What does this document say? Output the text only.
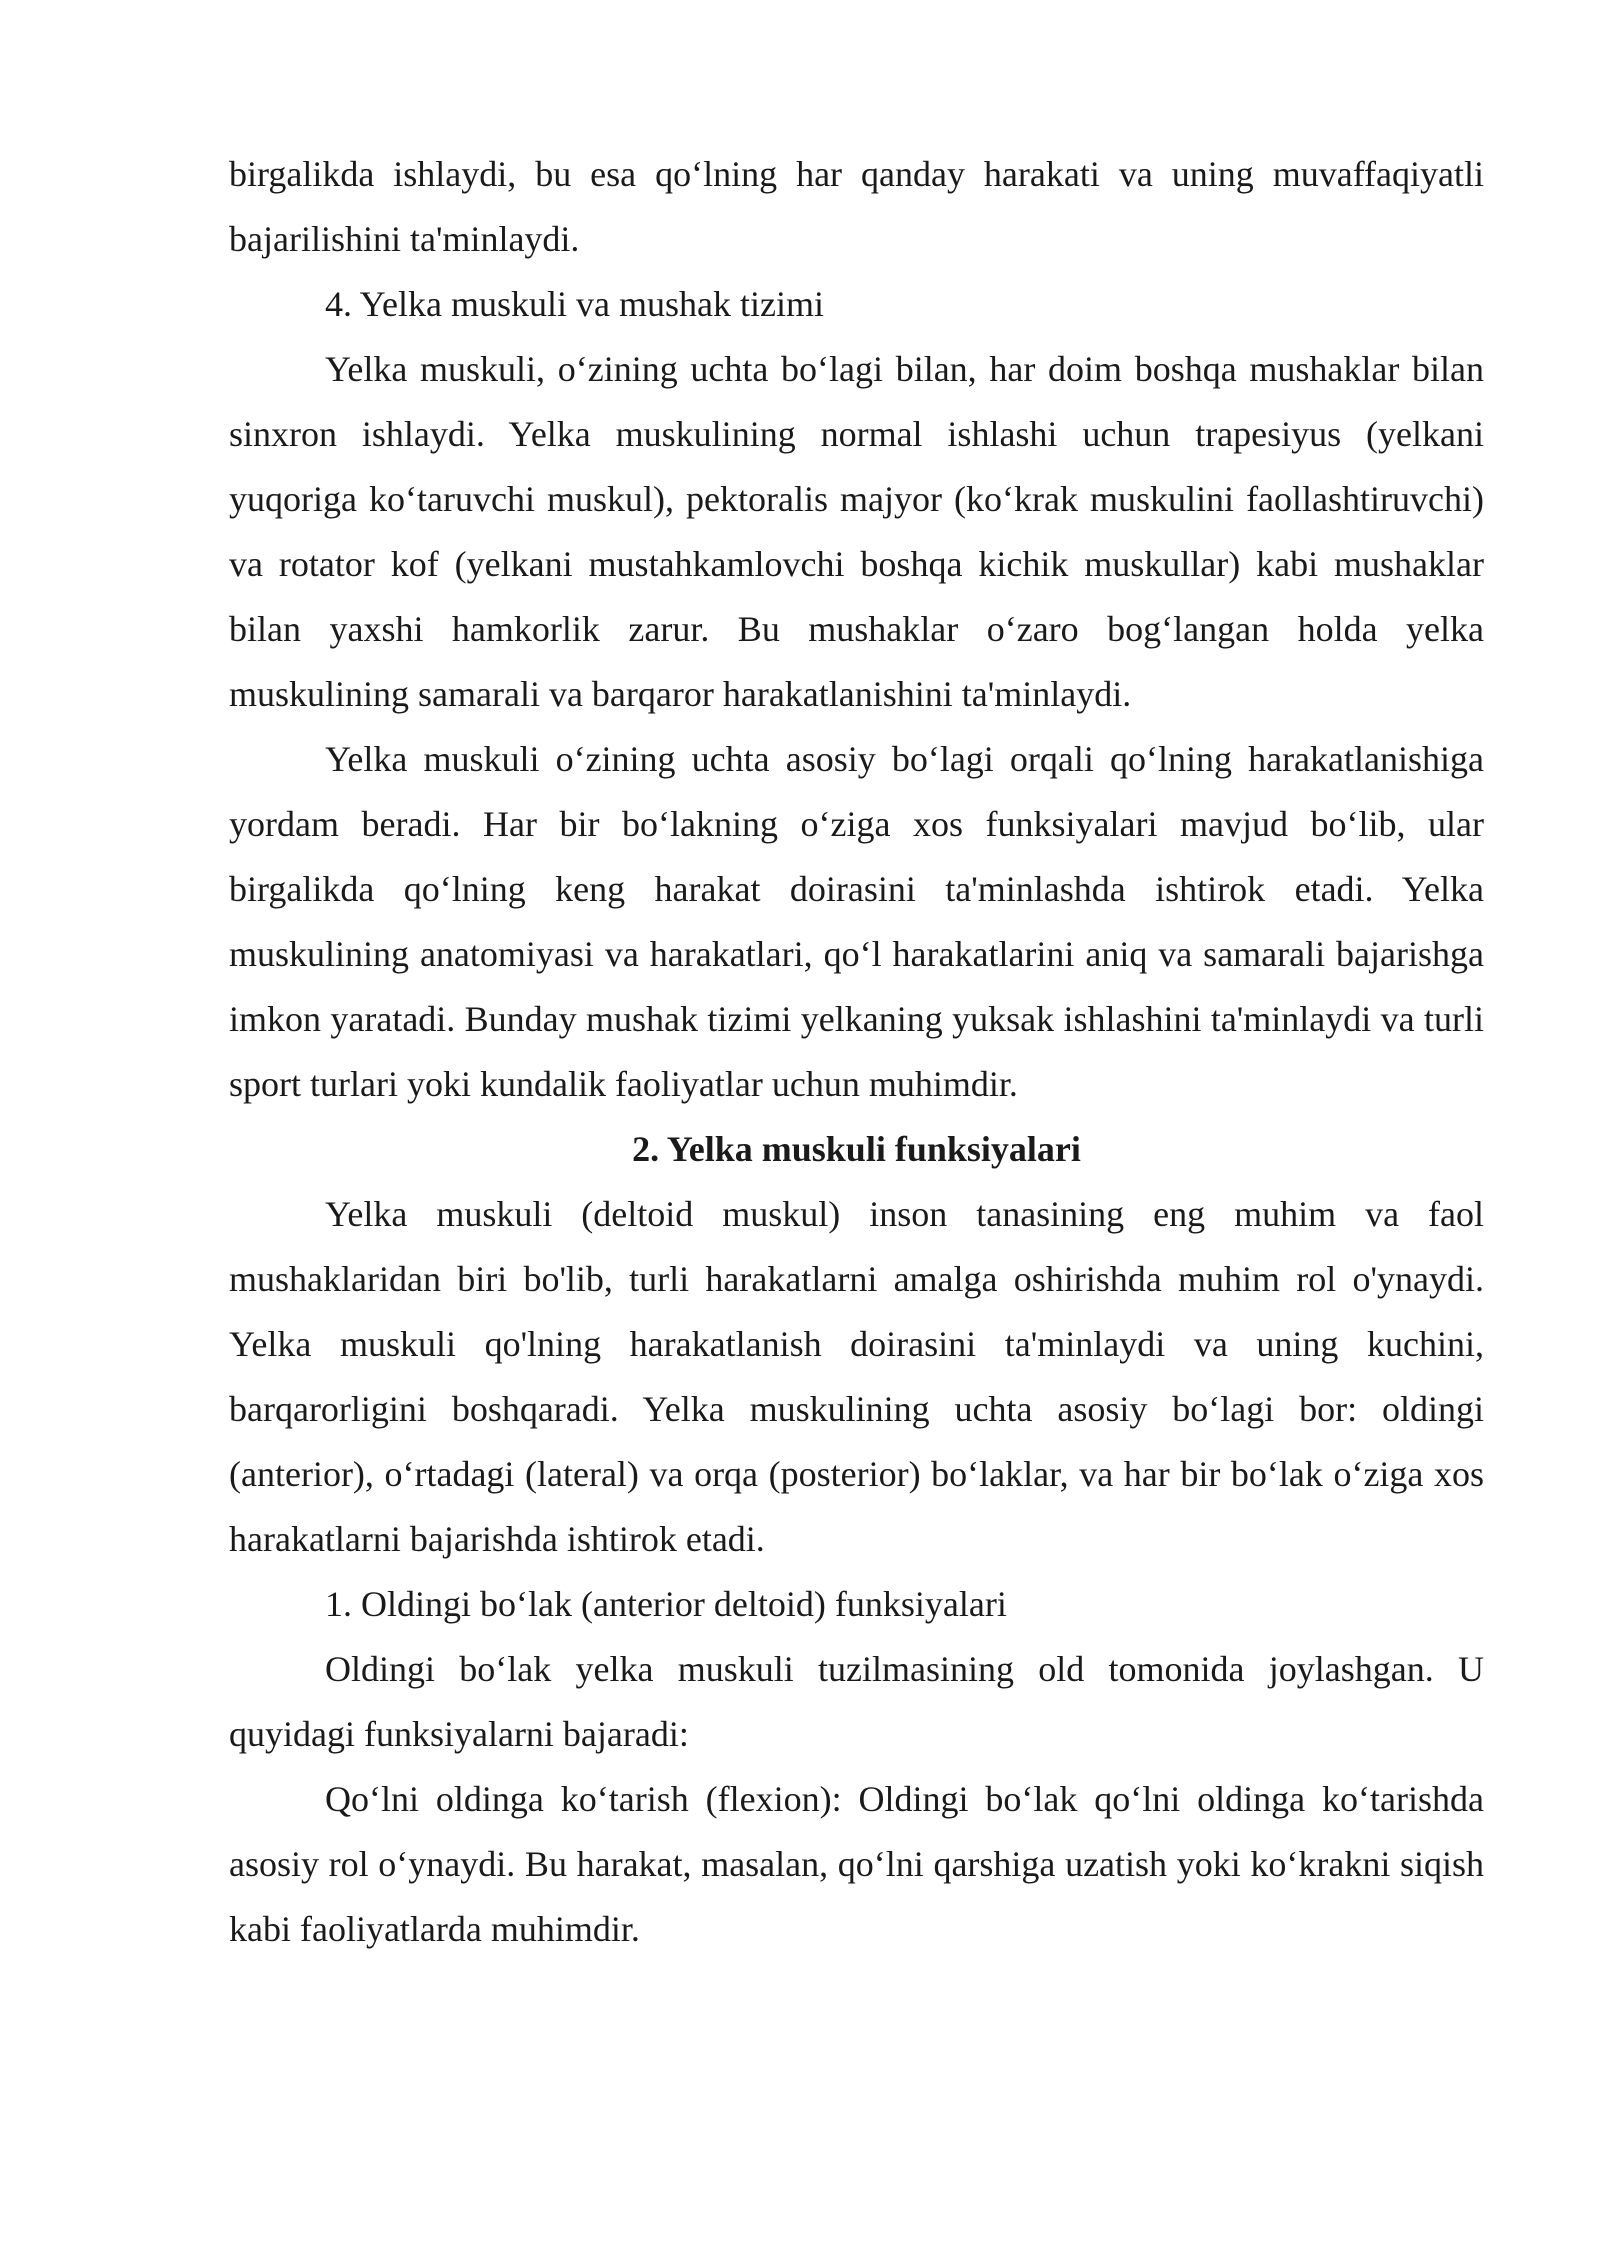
birgalikda ishlaydi, bu esa qo‘lning har qanday harakati va uning muvaffaqiyatli bajarilishini ta'minlaydi.

4. Yelka muskuli va mushak tizimi

Yelka muskuli, o‘zining uchta bo‘lagi bilan, har doim boshqa mushaklar bilan sinxron ishlaydi. Yelka muskulining normal ishlashi uchun trapesiyus (yelkani yuqoriga ko‘taruvchi muskul), pektoralis majyor (ko‘krak muskulini faollashtiruvchi) va rotator kof (yelkani mustahkamlovchi boshqa kichik muskullar) kabi mushaklar bilan yaxshi hamkorlik zarur. Bu mushaklar o‘zaro bog‘langan holda yelka muskulining samarali va barqaror harakatlanishini ta'minlaydi.

Yelka muskuli o‘zining uchta asosiy bo‘lagi orqali qo‘lning harakatlanishiga yordam beradi. Har bir bo‘lakning o‘ziga xos funksiyalari mavjud bo‘lib, ular birgalikda qo‘lning keng harakat doirasini ta'minlashda ishtirok etadi. Yelka muskulining anatomiyasi va harakatlari, qo‘l harakatlarini aniq va samarali bajarishga imkon yaratadi. Bunday mushak tizimi yelkaning yuksak ishlashini ta'minlaydi va turli sport turlari yoki kundalik faoliyatlar uchun muhimdir.

2. Yelka muskuli funksiyalari

Yelka muskuli (deltoid muskul) inson tanasining eng muhim va faol mushaklaridan biri bo'lib, turli harakatlarni amalga oshirishda muhim rol o'ynaydi. Yelka muskuli qo'lning harakatlanish doirasini ta'minlaydi va uning kuchini, barqarorligini boshqaradi. Yelka muskulining uchta asosiy bo‘lagi bor: oldingi (anterior), o‘rtadagi (lateral) va orqa (posterior) bo‘laklar, va har bir bo‘lak o‘ziga xos harakatlarni bajarishda ishtirok etadi.

1. Oldingi bo‘lak (anterior deltoid) funksiyalari

Oldingi bo‘lak yelka muskuli tuzilmasining old tomonida joylashgan. U quyidagi funksiyalarni bajaradi:

Qo‘lni oldinga ko‘tarish (flexion): Oldingi bo‘lak qo‘lni oldinga ko‘tarishda asosiy rol o‘ynaydi. Bu harakat, masalan, qo‘lni qarshiga uzatish yoki ko‘krakni siqish kabi faoliyatlarda muhimdir.
